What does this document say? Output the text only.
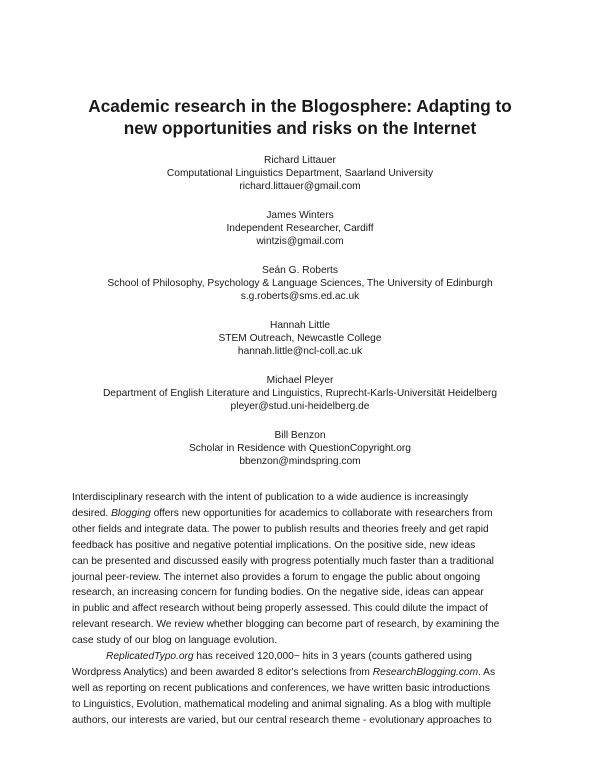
Academic research in the Blogosphere: Adapting to
new opportunities and risks on the Internet
Richard Littauer
Computational Linguistics Department, Saarland University
richard.littauer@gmail.com
James Winters
Independent Researcher, Cardiff
wintzis@gmail.com
Seán G. Roberts
School of Philosophy, Psychology & Language Sciences, The University of Edinburgh
s.g.roberts@sms.ed.ac.uk
Hannah Little
STEM Outreach, Newcastle College
hannah.little@ncl-coll.ac.uk
Michael Pleyer
Department of English Literature and Linguistics, Ruprecht-Karls-Universität Heidelberg
pleyer@stud.uni-heidelberg.de
Bill Benzon
Scholar in Residence with QuestionCopyright.org
bbenzon@mindspring.com
Interdisciplinary research with the intent of publication to a wide audience is increasingly
desired. Blogging offers new opportunities for academics to collaborate with researchers from
other fields and integrate data. The power to publish results and theories freely and get rapid
feedback has positive and negative potential implications. On the positive side, new ideas
can be presented and discussed easily with progress potentially much faster than a traditional
journal peer-review. The internet also provides a forum to engage the public about ongoing
research, an increasing concern for funding bodies. On the negative side, ideas can appear
in public and affect research without being properly assessed. This could dilute the impact of
relevant research. We review whether blogging can become part of research, by examining the
case study of our blog on language evolution.
ReplicatedTypo.org has received 120,000~ hits in 3 years (counts gathered using
Wordpress Analytics) and been awarded 8 editor's selections from ResearchBlogging.com. As
well as reporting on recent publications and conferences, we have written basic introductions
to Linguistics, Evolution, mathematical modeling and animal signaling. As a blog with multiple
authors, our interests are varied, but our central research theme - evolutionary approaches to
